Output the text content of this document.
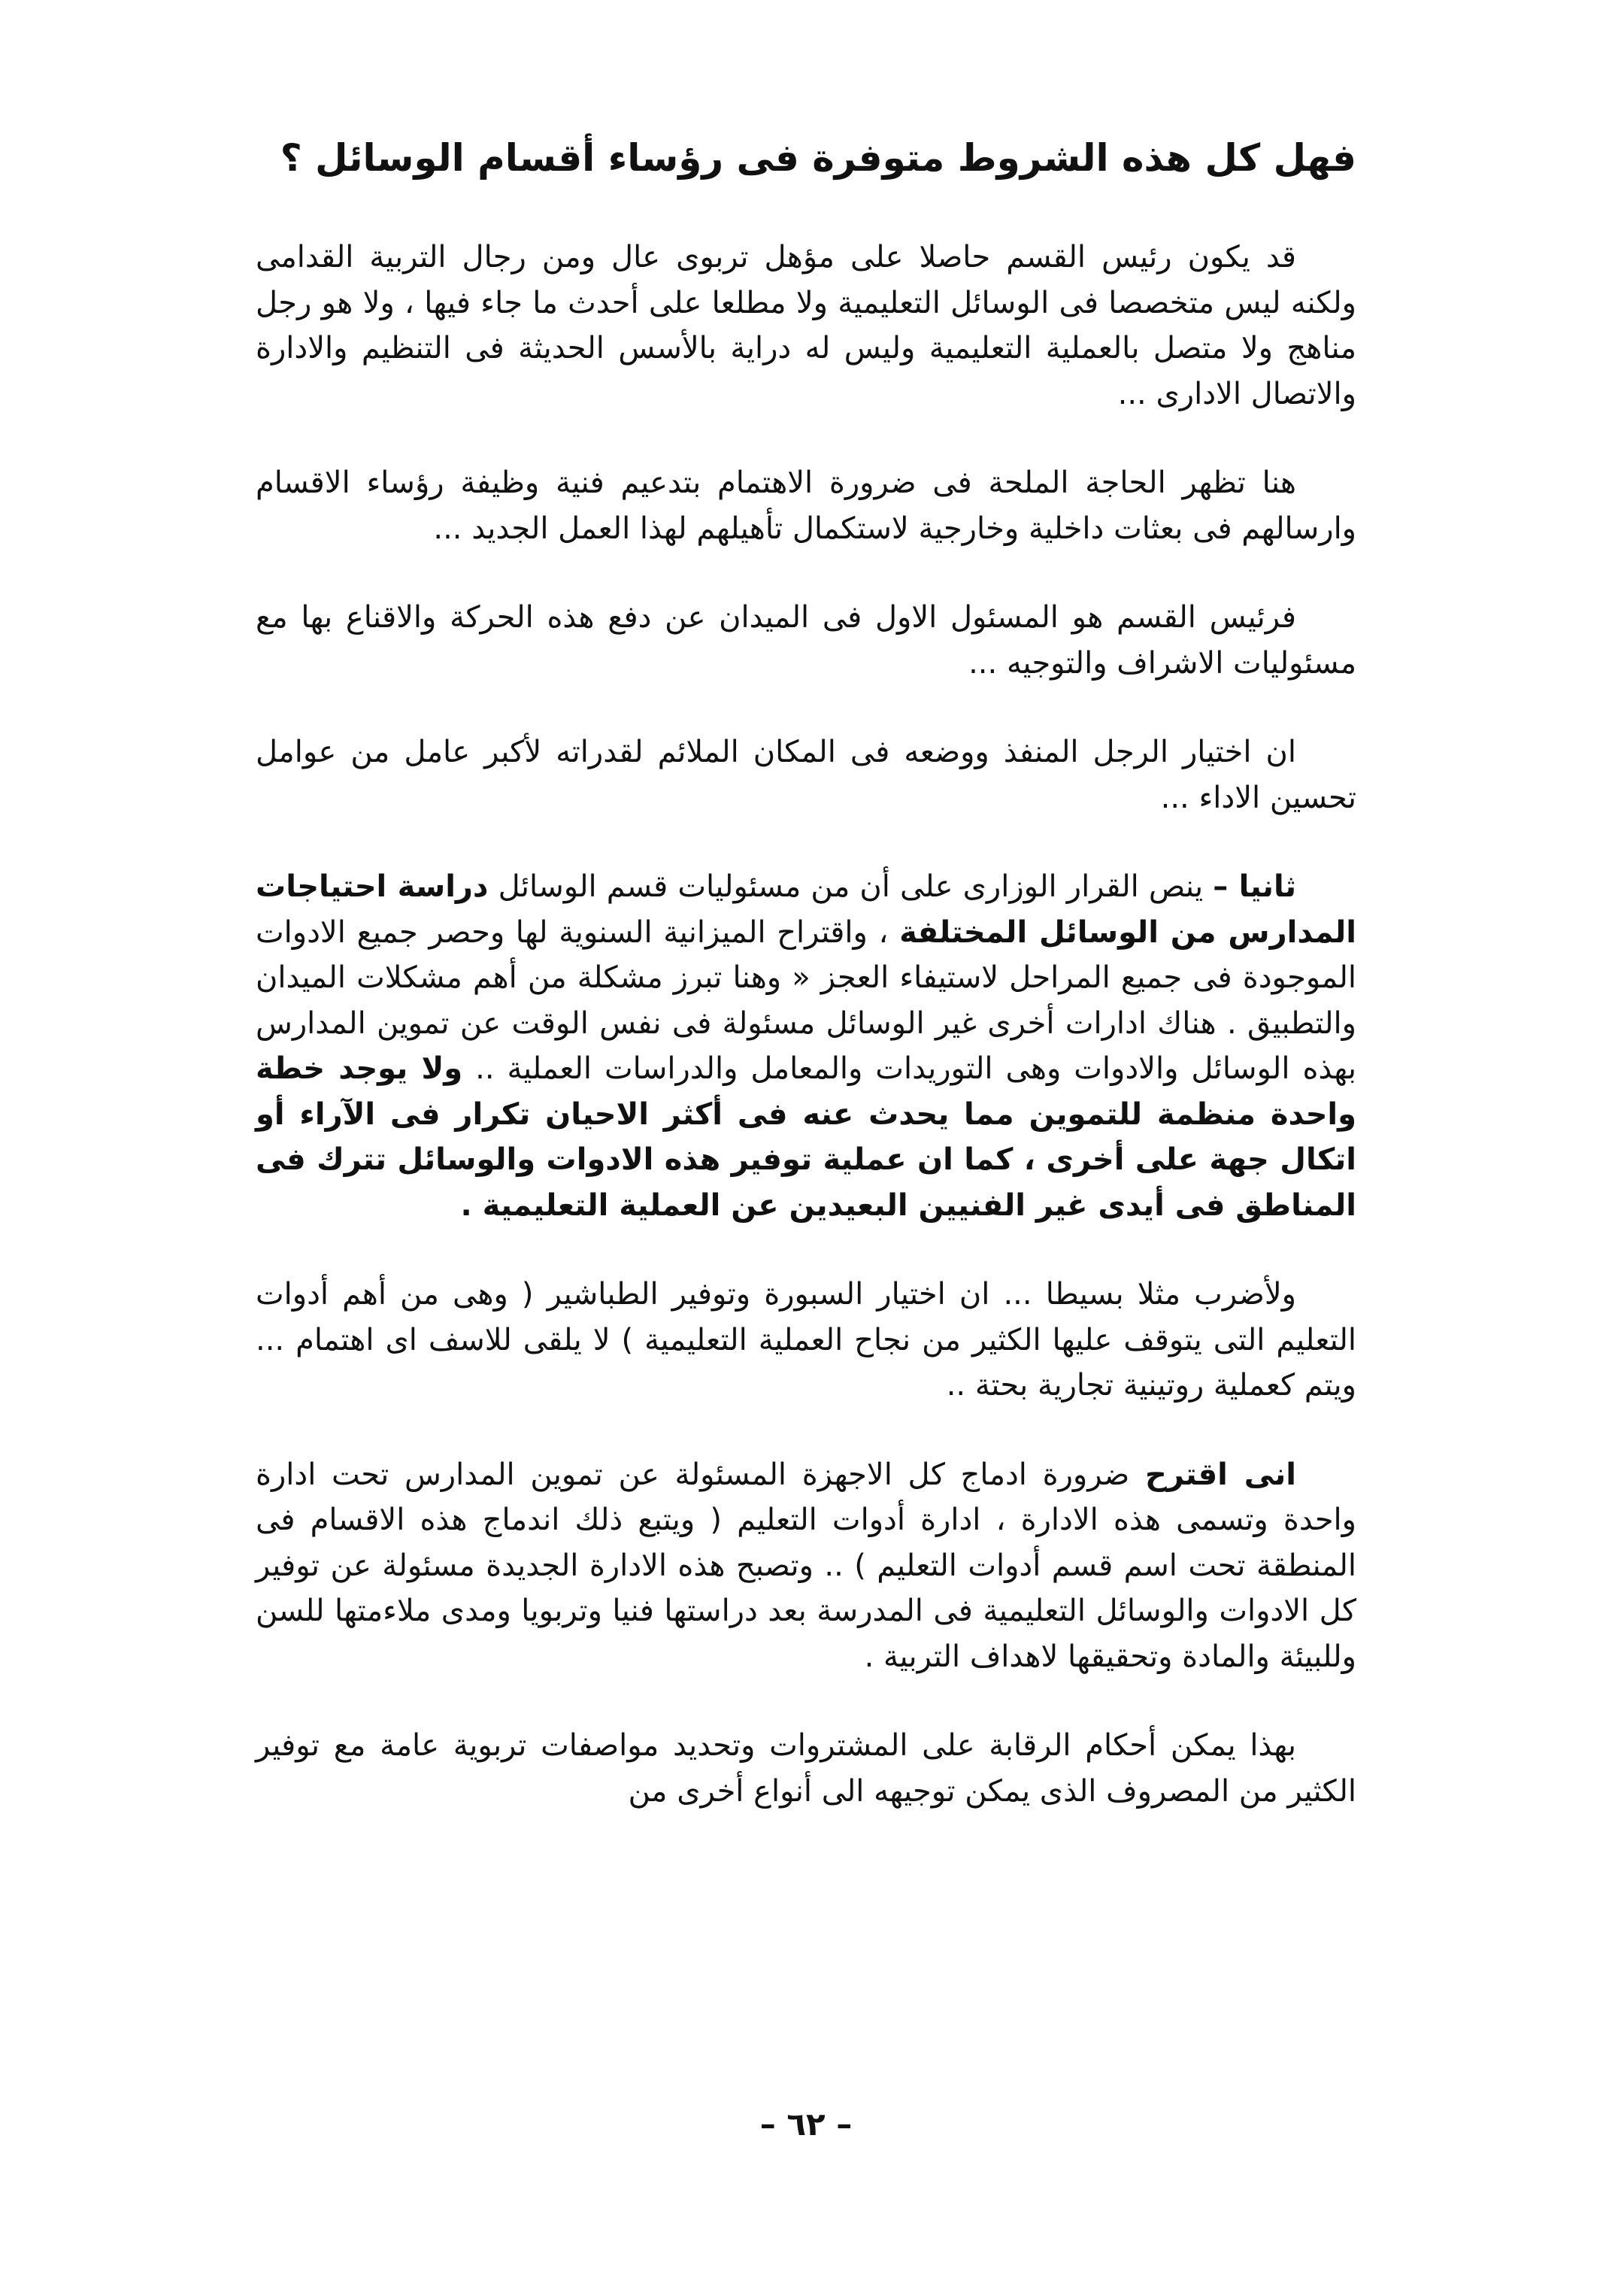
فهل كل هذه الشروط متوفرة فى رؤساء أقسام الوسائل ؟

قد يكون رئيس القسم حاصلا على مؤهل تربوى عال ومن رجال التربية القدامى ولكنه ليس متخصصا فى الوسائل التعليمية ولا مطلعا على أحدث ما جاء فيها ، ولا هو رجل مناهج ولا متصل بالعملية التعليمية وليس له دراية بالأسس الحديثة فى التنظيم والادارة والاتصال الادارى ...

هنا تظهر الحاجة الملحة فى ضرورة الاهتمام بتدعيم فنية وظيفة رؤساء الاقسام وارسالهم فى بعثات داخلية وخارجية لاستكمال تأهيلهم لهذا العمل الجديد ...

فرئيس القسم هو المسئول الاول فى الميدان عن دفع هذه الحركة والاقناع بها مع مسئوليات الاشراف والتوجيه ...

ان اختيار الرجل المنفذ ووضعه فى المكان الملائم لقدراته لأكبر عامل من عوامل تحسين الاداء ...

ثانيا – ينص القرار الوزارى على أن من مسئوليات قسم الوسائل دراسة احتياجات المدارس من الوسائل المختلفة ، واقتراح الميزانية السنوية لها وحصر جميع الادوات الموجودة فى جميع المراحل لاستيفاء العجز « وهنا تبرز مشكلة من أهم مشكلات الميدان والتطبيق . هناك ادارات أخرى غير الوسائل مسئولة فى نفس الوقت عن تموين المدارس بهذه الوسائل والادوات وهى التوريدات والمعامل والدراسات العملية .. ولا يوجد خطة واحدة منظمة للتموين مما يحدث عنه فى أكثر الاحيان تكرار فى الآراء أو اتكال جهة على أخرى ، كما ان عملية توفير هذه الادوات والوسائل تترك فى المناطق فى أيدى غير الفنيين البعيدين عن العملية التعليمية .

ولأضرب مثلا بسيطا ... ان اختيار السبورة وتوفير الطباشير ( وهى من أهم أدوات التعليم التى يتوقف عليها الكثير من نجاح العملية التعليمية ) لا يلقى للاسف اى اهتمام ... ويتم كعملية روتينية تجارية بحتة ..

انى اقترح ضرورة ادماج كل الاجهزة المسئولة عن تموين المدارس تحت ادارة واحدة وتسمى هذه الادارة ، ادارة أدوات التعليم ( ويتبع ذلك اندماج هذه الاقسام فى المنطقة تحت اسم قسم أدوات التعليم ) .. وتصبح هذه الادارة الجديدة مسئولة عن توفير كل الادوات والوسائل التعليمية فى المدرسة بعد دراستها فنيا وتربويا ومدى ملاءمتها للسن وللبيئة والمادة وتحقيقها لاهداف التربية .

بهذا يمكن أحكام الرقابة على المشتروات وتحديد مواصفات تربوية عامة مع توفير الكثير من المصروف الذى يمكن توجيهه الى أنواع أخرى من

– ٦٢ –
